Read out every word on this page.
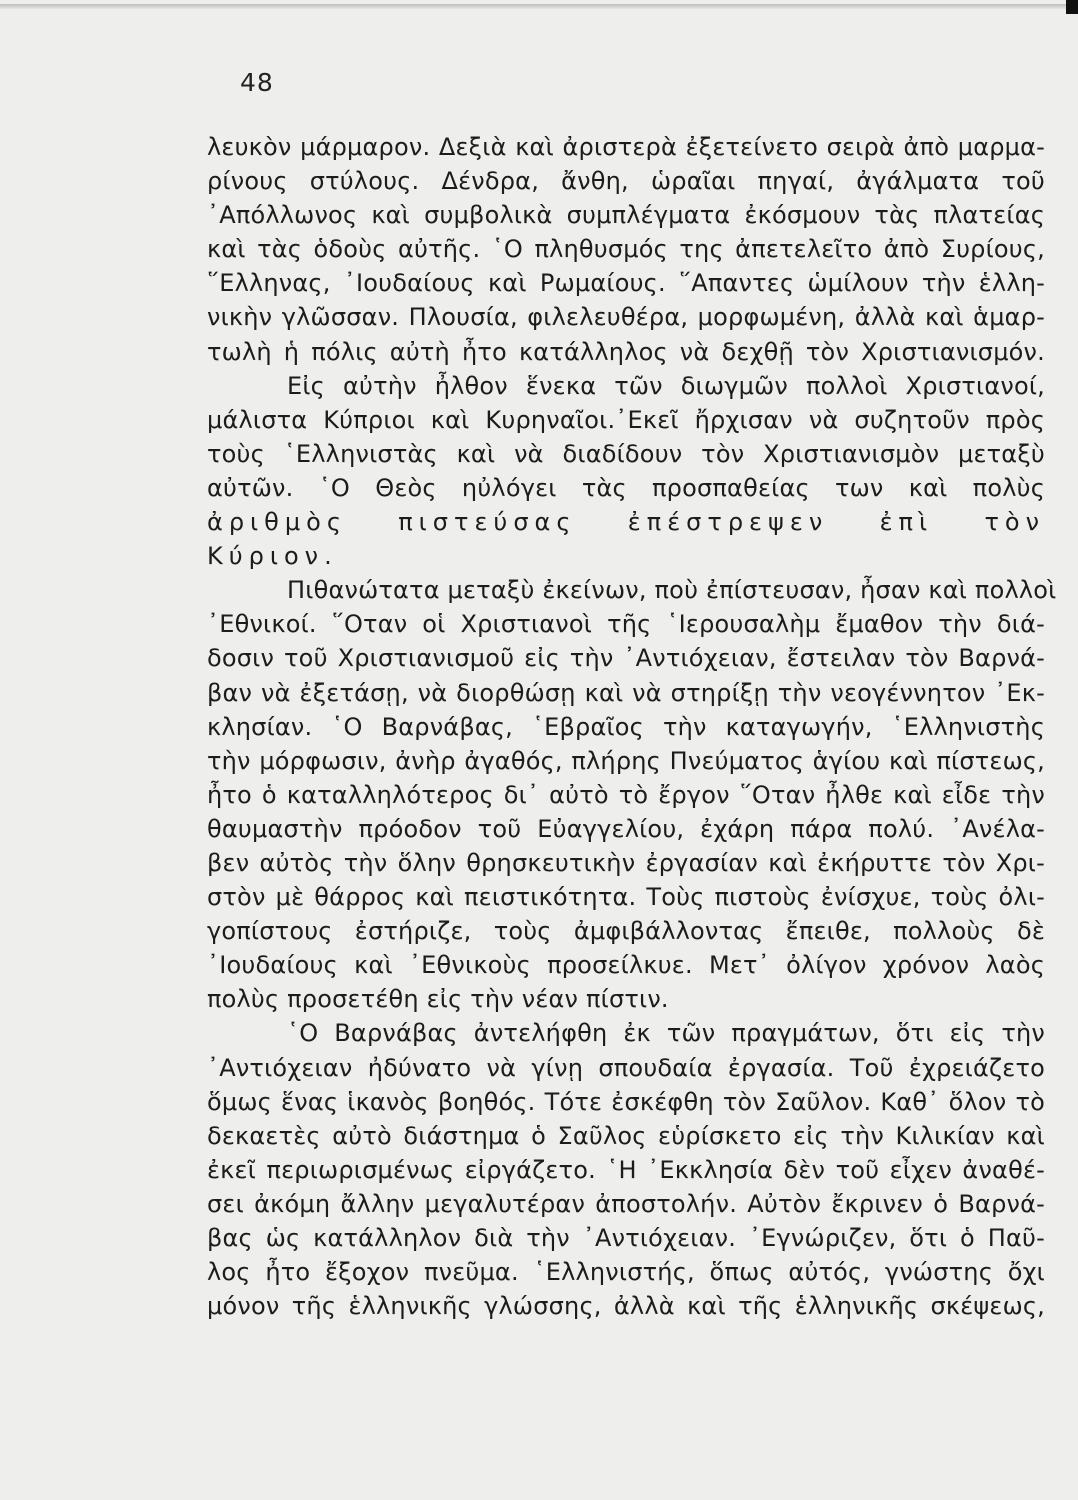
48
λευκὸν μάρμαρον. Δεξιὰ καὶ ἀριστερὰ ἐξετείνετο σειρὰ ἀπὸ μαρμα-
ρίνους στύλους. Δένδρα, ἄνθη, ὡραῖαι πηγαί, ἀγάλματα τοῦ
᾿Απόλλωνος καὶ συμβολικὰ συμπλέγματα ἐκόσμουν τὰς πλατείας
καὶ τὰς ὁδοὺς αὐτῆς. ῾Ο πληθυσμός της ἀπετελεῖτο ἀπὸ Συρίους,
῞Ελληνας, ᾿Ιουδαίους καὶ Ρωμαίους. ῞Απαντες ὡμίλουν τὴν ἑλλη-
νικὴν γλῶσσαν. Πλουσία, φιλελευθέρα, μορφωμένη, ἀλλὰ καὶ ἁμαρ-
τωλὴ ἡ πόλις αὐτὴ ἦτο κατάλληλος νὰ δεχθῇ τὸν Χριστιανισμόν.
Εἰς αὐτὴν ἦλθον ἕνεκα τῶν διωγμῶν πολλοὶ Χριστιανοί,
μάλιστα Κύπριοι καὶ Κυρηναῖοι.᾿Εκεῖ ἤρχισαν νὰ συζητοῦν πρὸς
τοὺς ῾Ελληνιστὰς καὶ νὰ διαδίδουν τὸν Χριστιανισμὸν μεταξὺ
αὐτῶν. ῾Ο Θεὸς ηὐλόγει τὰς προσπαθείας των καὶ πολὺς
ἀριθμὸς πιστεύσας ἐπέστρεψεν ἐπὶ τὸν
Κύριον.
Πιθανώτατα μεταξὺ ἐκείνων, ποὺ ἐπίστευσαν, ἦσαν καὶ πολλοὶ
᾿Εθνικοί. ῞Οταν οἱ Χριστιανοὶ τῆς ῾Ιερουσαλὴμ ἔμαθον τὴν διά-
δοσιν τοῦ Χριστιανισμοῦ εἰς τὴν ᾿Αντιόχειαν, ἔστειλαν τὸν Βαρνά-
βαν νὰ ἐξετάσῃ, νὰ διορθώσῃ καὶ νὰ στηρίξῃ τὴν νεογέννητον ᾿Εκ-
κλησίαν. ῾Ο Βαρνάβας, ῾Εβραῖος τὴν καταγωγήν, ῾Ελληνιστὴς
τὴν μόρφωσιν, ἀνὴρ ἀγαθός, πλήρης Πνεύματος ἁγίου καὶ πίστεως,
ἦτο ὁ καταλληλότερος δι᾿ αὐτὸ τὸ ἔργον ῞Οταν ἦλθε καὶ εἶδε τὴν
θαυμαστὴν πρόοδον τοῦ Εὐαγγελίου, ἐχάρη πάρα πολύ. ᾿Ανέλα-
βεν αὐτὸς τὴν ὅλην θρησκευτικὴν ἐργασίαν καὶ ἐκήρυττε τὸν Χρι-
στὸν μὲ θάρρος καὶ πειστικότητα. Τοὺς πιστοὺς ἐνίσχυε, τοὺς ὀλι-
γοπίστους ἐστήριζε, τοὺς ἀμφιβάλλοντας ἔπειθε, πολλοὺς δὲ
᾿Ιουδαίους καὶ ᾿Εθνικοὺς προσείλκυε. Μετ᾿ ὀλίγον χρόνον λαὸς
πολὺς προσετέθη εἰς τὴν νέαν πίστιν.
῾Ο Βαρνάβας ἀντελήφθη ἐκ τῶν πραγμάτων, ὅτι εἰς τὴν
᾿Αντιόχειαν ἠδύνατο νὰ γίνῃ σπουδαία ἐργασία. Τοῦ ἐχρειάζετο
ὅμως ἕνας ἱκανὸς βοηθός. Τότε ἐσκέφθη τὸν Σαῦλον. Καθ᾿ ὅλον τὸ
δεκαετὲς αὐτὸ διάστημα ὁ Σαῦλος εὑρίσκετο εἰς τὴν Κιλικίαν καὶ
ἐκεῖ περιωρισμένως εἰργάζετο. ῾Η ᾿Εκκλησία δὲν τοῦ εἶχεν ἀναθέ-
σει ἀκόμη ἄλλην μεγαλυτέραν ἀποστολήν. Αὐτὸν ἔκρινεν ὁ Βαρνά-
βας ὡς κατάλληλον διὰ τὴν ᾿Αντιόχειαν. ᾿Εγνώριζεν, ὅτι ὁ Παῦ-
λος ἦτο ἔξοχον πνεῦμα. ῾Ελληνιστής, ὅπως αὐτός, γνώστης ὄχι
μόνον τῆς ἑλληνικῆς γλώσσης, ἀλλὰ καὶ τῆς ἑλληνικῆς σκέψεως,
